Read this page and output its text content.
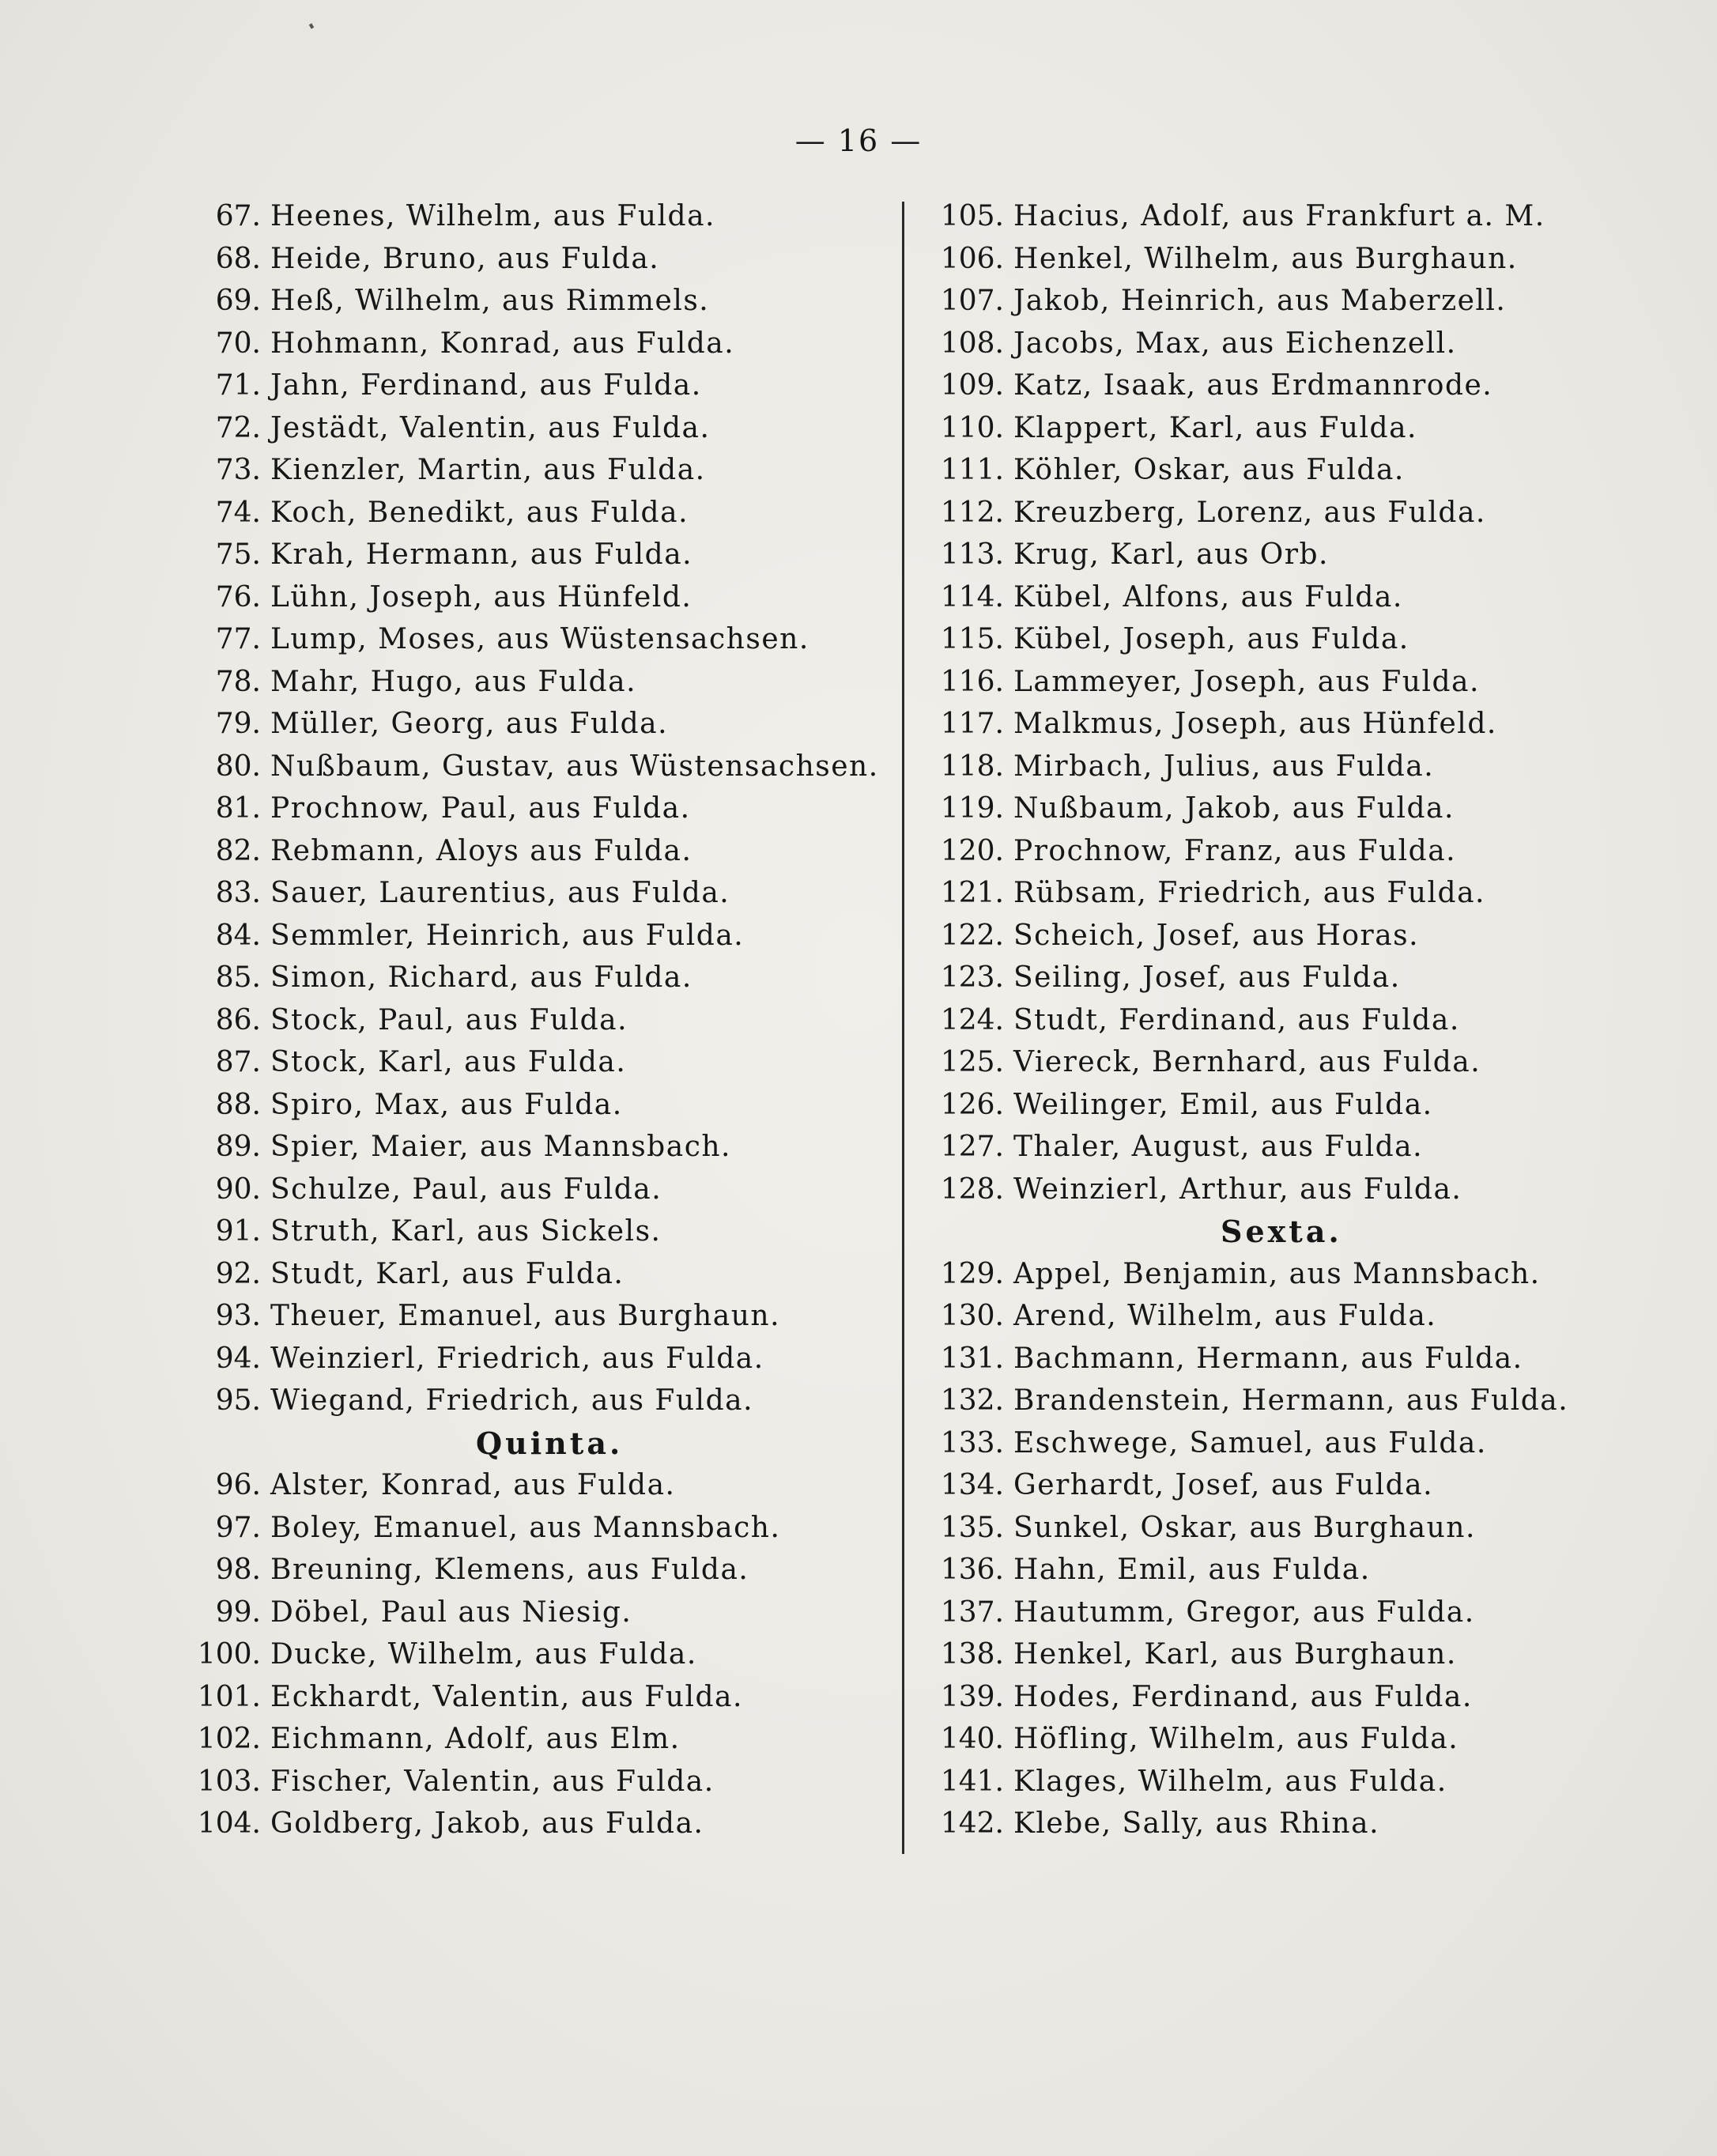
— 16 —
67. Heenes, Wilhelm, aus Fulda.
68. Heide, Bruno, aus Fulda.
69. Heß, Wilhelm, aus Rimmels.
70. Hohmann, Konrad, aus Fulda.
71. Jahn, Ferdinand, aus Fulda.
72. Jestädt, Valentin, aus Fulda.
73. Kienzler, Martin, aus Fulda.
74. Koch, Benedikt, aus Fulda.
75. Krah, Hermann, aus Fulda.
76. Lühn, Joseph, aus Hünfeld.
77. Lump, Moses, aus Wüstensachsen.
78. Mahr, Hugo, aus Fulda.
79. Müller, Georg, aus Fulda.
80. Nußbaum, Gustav, aus Wüstensachsen.
81. Prochnow, Paul, aus Fulda.
82. Rebmann, Aloys aus Fulda.
83. Sauer, Laurentius, aus Fulda.
84. Semmler, Heinrich, aus Fulda.
85. Simon, Richard, aus Fulda.
86. Stock, Paul, aus Fulda.
87. Stock, Karl, aus Fulda.
88. Spiro, Max, aus Fulda.
89. Spier, Maier, aus Mannsbach.
90. Schulze, Paul, aus Fulda.
91. Struth, Karl, aus Sickels.
92. Studt, Karl, aus Fulda.
93. Theuer, Emanuel, aus Burghaun.
94. Weinzierl, Friedrich, aus Fulda.
95. Wiegand, Friedrich, aus Fulda.
Quinta.
96. Alster, Konrad, aus Fulda.
97. Boley, Emanuel, aus Mannsbach.
98. Breuning, Klemens, aus Fulda.
99. Döbel, Paul aus Niesig.
100. Ducke, Wilhelm, aus Fulda.
101. Eckhardt, Valentin, aus Fulda.
102. Eichmann, Adolf, aus Elm.
103. Fischer, Valentin, aus Fulda.
104. Goldberg, Jakob, aus Fulda.
105. Hacius, Adolf, aus Frankfurt a. M.
106. Henkel, Wilhelm, aus Burghaun.
107. Jakob, Heinrich, aus Maberzell.
108. Jacobs, Max, aus Eichenzell.
109. Katz, Isaak, aus Erdmannrode.
110. Klappert, Karl, aus Fulda.
111. Köhler, Oskar, aus Fulda.
112. Kreuzberg, Lorenz, aus Fulda.
113. Krug, Karl, aus Orb.
114. Kübel, Alfons, aus Fulda.
115. Kübel, Joseph, aus Fulda.
116. Lammeyer, Joseph, aus Fulda.
117. Malkmus, Joseph, aus Hünfeld.
118. Mirbach, Julius, aus Fulda.
119. Nußbaum, Jakob, aus Fulda.
120. Prochnow, Franz, aus Fulda.
121. Rübsam, Friedrich, aus Fulda.
122. Scheich, Josef, aus Horas.
123. Seiling, Josef, aus Fulda.
124. Studt, Ferdinand, aus Fulda.
125. Viereck, Bernhard, aus Fulda.
126. Weilinger, Emil, aus Fulda.
127. Thaler, August, aus Fulda.
128. Weinzierl, Arthur, aus Fulda.
Sexta.
129. Appel, Benjamin, aus Mannsbach.
130. Arend, Wilhelm, aus Fulda.
131. Bachmann, Hermann, aus Fulda.
132. Brandenstein, Hermann, aus Fulda.
133. Eschwege, Samuel, aus Fulda.
134. Gerhardt, Josef, aus Fulda.
135. Sunkel, Oskar, aus Burghaun.
136. Hahn, Emil, aus Fulda.
137. Hautumm, Gregor, aus Fulda.
138. Henkel, Karl, aus Burghaun.
139. Hodes, Ferdinand, aus Fulda.
140. Höfling, Wilhelm, aus Fulda.
141. Klages, Wilhelm, aus Fulda.
142. Klebe, Sally, aus Rhina.
